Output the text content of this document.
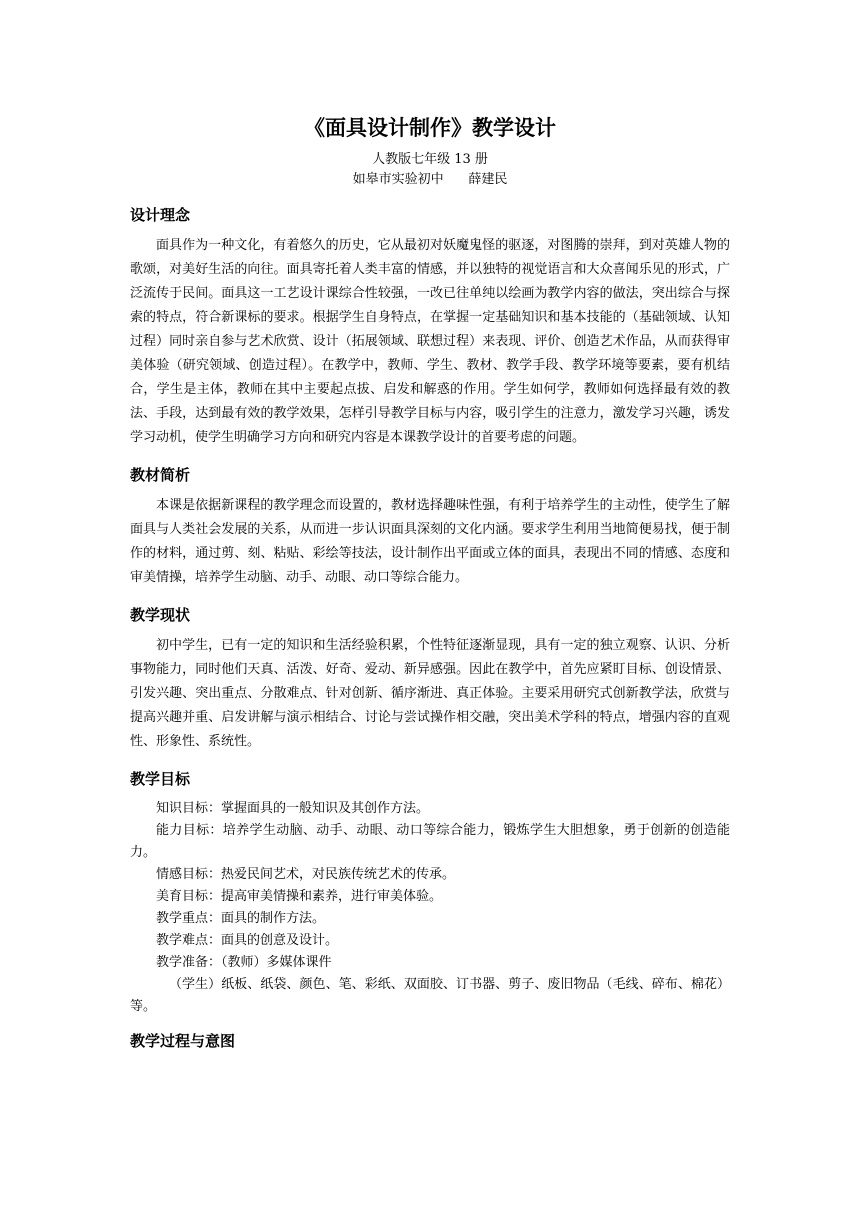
《面具设计制作》教学设计
人教版七年级 13 册
如皋市实验初中      薛建民
设计理念

面具作为一种文化，有着悠久的历史，它从最初对妖魔鬼怪的驱逐，对图腾的崇拜，到对英雄人物的歌颂，对美好生活的向往。面具寄托着人类丰富的情感，并以独特的视觉语言和大众喜闻乐见的形式，广泛流传于民间。面具这一工艺设计课综合性较强，一改已往单纯以绘画为教学内容的做法，突出综合与探索的特点，符合新课标的要求。根据学生自身特点，在掌握一定基础知识和基本技能的（基础领域、认知过程）同时亲自参与艺术欣赏、设计（拓展领域、联想过程）来表现、评价、创造艺术作品，从而获得审美体验（研究领域、创造过程）。在教学中，教师、学生、教材、教学手段、教学环境等要素，要有机结合，学生是主体，教师在其中主要起点拔、启发和解惑的作用。学生如何学，教师如何选择最有效的教法、手段，达到最有效的教学效果，怎样引导教学目标与内容，吸引学生的注意力，激发学习兴趣，诱发学习动机，使学生明确学习方向和研究内容是本课教学设计的首要考虑的问题。

教材简析

本课是依据新课程的教学理念而设置的，教材选择趣味性强，有利于培养学生的主动性，使学生了解面具与人类社会发展的关系，从而进一步认识面具深刻的文化内涵。要求学生利用当地简便易找，便于制作的材料，通过剪、刻、粘贴、彩绘等技法，设计制作出平面或立体的面具，表现出不同的情感、态度和审美情操，培养学生动脑、动手、动眼、动口等综合能力。

教学现状

初中学生，已有一定的知识和生活经验积累，个性特征逐渐显现，具有一定的独立观察、认识、分析事物能力，同时他们天真、活泼、好奇、爱动、新异感强。因此在教学中，首先应紧盯目标、创设情景、引发兴趣、突出重点、分散难点、针对创新、循序渐进、真正体验。主要采用研究式创新教学法，欣赏与提高兴趣并重、启发讲解与演示相结合、讨论与尝试操作相交融，突出美术学科的特点，增强内容的直观性、形象性、系统性。

教学目标

知识目标：掌握面具的一般知识及其创作方法。

能力目标：培养学生动脑、动手、动眼、动口等综合能力，锻炼学生大胆想象，勇于创新的创造能力。

情感目标：热爱民间艺术，对民族传统艺术的传承。

美育目标：提高审美情操和素养，进行审美体验。

教学重点：面具的制作方法。

教学难点：面具的创意及设计。

教学准备：（教师）多媒体课件

（学生）纸板、纸袋、颜色、笔、彩纸、双面胶、订书器、剪子、废旧物品（毛线、碎布、棉花）等。

教学过程与意图
